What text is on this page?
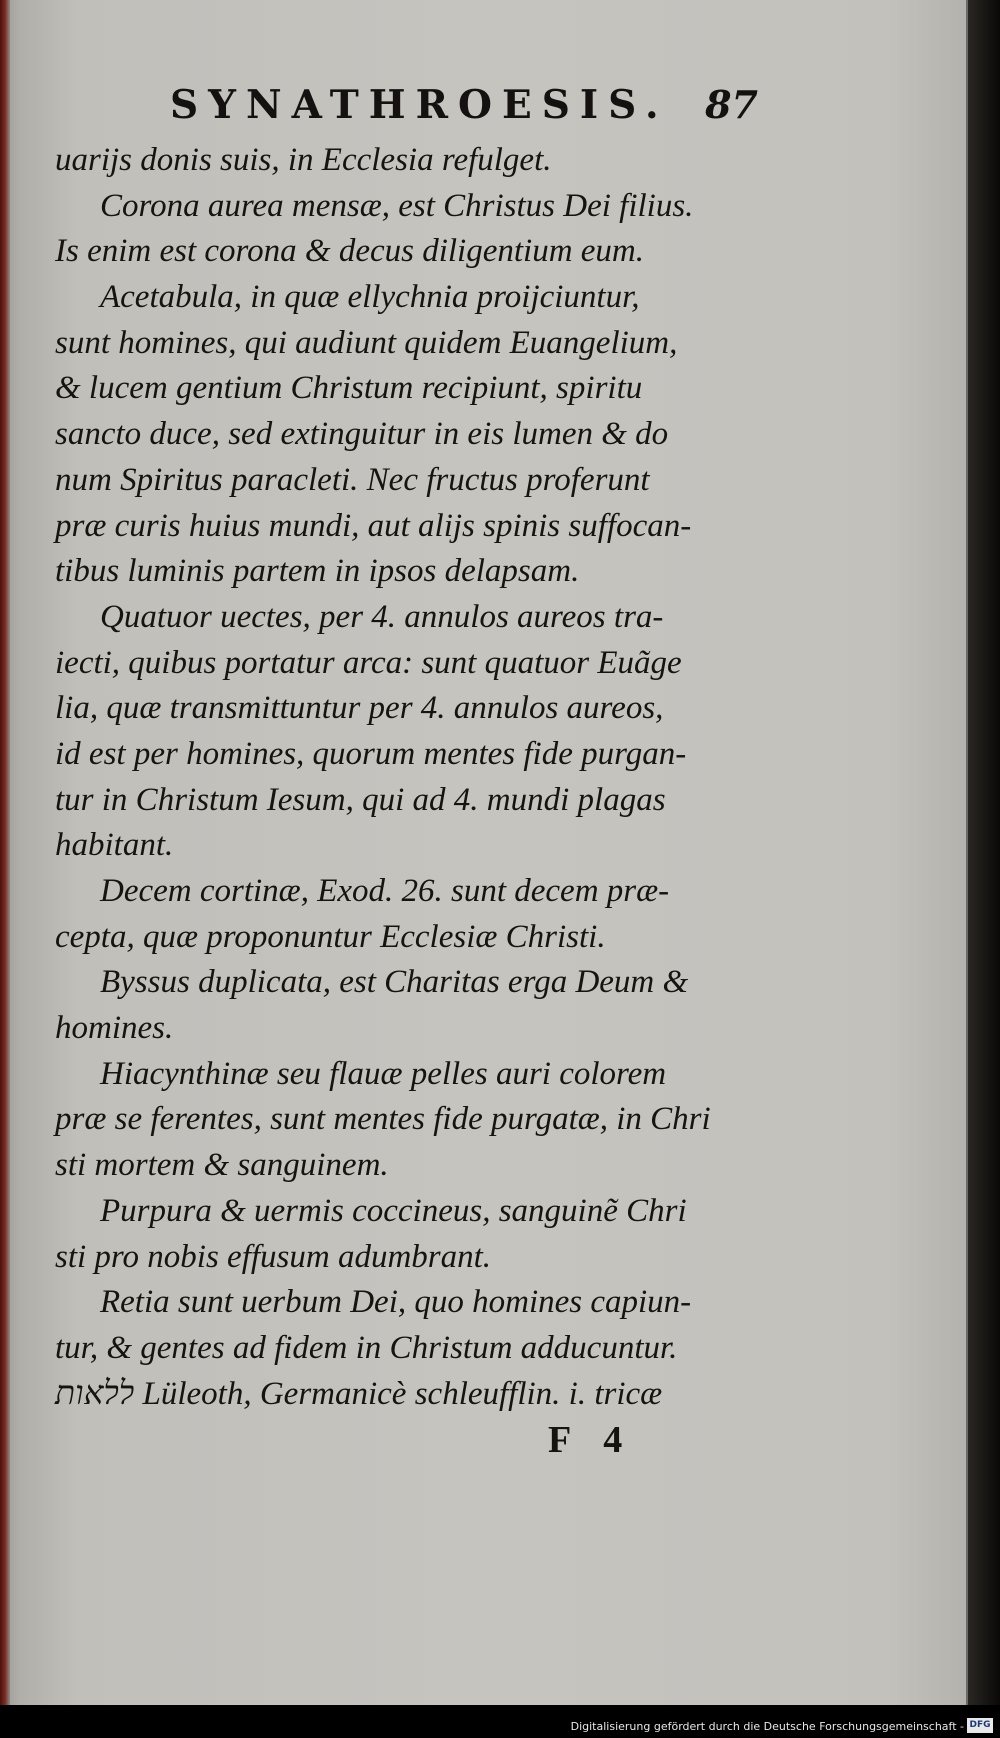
SYNATHROESIS. 87
uarijs donis suis, in Ecclesia refulget.
Corona aurea mensæ, est Christus Dei filius.
Is enim est corona & decus diligentium eum.
Acetabula, in quæ ellychnia proijciuntur,
sunt homines, qui audiunt quidem Euangelium,
& lucem gentium Christum recipiunt, spiritu
sancto duce, sed extinguitur in eis lumen & do
num Spiritus paracleti. Nec fructus proferunt
præ curis huius mundi, aut alijs spinis suffocan-
tibus luminis partem in ipsos delapsam.
Quatuor uectes, per 4. annulos aureos tra-
iecti, quibus portatur arca: sunt quatuor Euãge
lia, quæ transmittuntur per 4. annulos aureos,
id est per homines, quorum mentes fide purgan-
tur in Christum Iesum, qui ad 4. mundi plagas
habitant.
Decem cortinæ, Exod. 26. sunt decem præ-
cepta, quæ proponuntur Ecclesiæ Christi.
Byssus duplicata, est Charitas erga Deum &
homines.
Hiacynthinæ seu flauæ pelles auri colorem
præ se ferentes, sunt mentes fide purgatæ, in Chri
sti mortem & sanguinem.
Purpura & uermis coccineus, sanguinẽ Chri
sti pro nobis effusum adumbrant.
Retia sunt uerbum Dei, quo homines capiun-
tur, & gentes ad fidem in Christum adducuntur.
ללאות Lüleoth, Germanicè schleufflin. i. tricæ
F 4
Digitalisierung gefördert durch die Deutsche Forschungsgemeinschaft - DFG
